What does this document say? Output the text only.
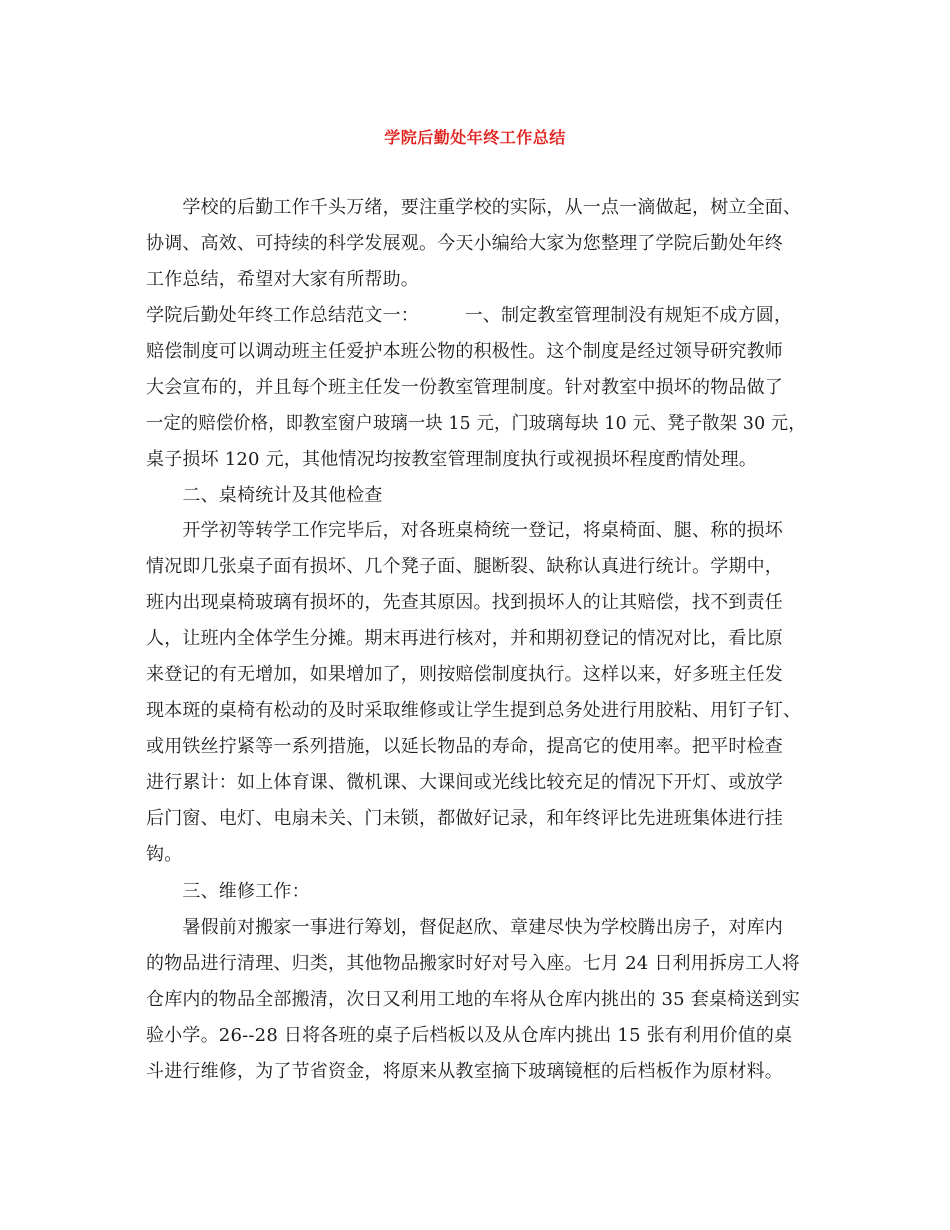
学院后勤处年终工作总结
　　学校的后勤工作千头万绪，要注重学校的实际，从一点一滴做起，树立全面、
协调、高效、可持续的科学发展观。今天小编给大家为您整理了学院后勤处年终
工作总结，希望对大家有所帮助。
学院后勤处年终工作总结范文一：　　　一、制定教室管理制没有规矩不成方圆，
赔偿制度可以调动班主任爱护本班公物的积极性。这个制度是经过领导研究教师
大会宣布的，并且每个班主任发一份教室管理制度。针对教室中损坏的物品做了
一定的赔偿价格，即教室窗户玻璃一块 15 元，门玻璃每块 10 元、凳子散架 30 元，
桌子损坏 120 元，其他情况均按教室管理制度执行或视损坏程度酌情处理。
　　二、桌椅统计及其他检查
　　开学初等转学工作完毕后，对各班桌椅统一登记，将桌椅面、腿、称的损坏
情况即几张桌子面有损坏、几个凳子面、腿断裂、缺称认真进行统计。学期中，
班内出现桌椅玻璃有损坏的，先查其原因。找到损坏人的让其赔偿，找不到责任
人，让班内全体学生分摊。期末再进行核对，并和期初登记的情况对比，看比原
来登记的有无增加，如果增加了，则按赔偿制度执行。这样以来，好多班主任发
现本斑的桌椅有松动的及时采取维修或让学生提到总务处进行用胶粘、用钉子钉、
或用铁丝拧紧等一系列措施，以延长物品的寿命，提高它的使用率。把平时检查
进行累计：如上体育课、微机课、大课间或光线比较充足的情况下开灯、或放学
后门窗、电灯、电扇未关、门未锁，都做好记录，和年终评比先进班集体进行挂
钩。
　　三、维修工作：
　　暑假前对搬家一事进行筹划，督促赵欣、章建尽快为学校腾出房子，对库内
的物品进行清理、归类，其他物品搬家时好对号入座。七月 24 日利用拆房工人将
仓库内的物品全部搬清，次日又利用工地的车将从仓库内挑出的 35 套桌椅送到实
验小学。26--28 日将各班的桌子后档板以及从仓库内挑出 15 张有利用价值的桌
斗进行维修，为了节省资金，将原来从教室摘下玻璃镜框的后档板作为原材料。
